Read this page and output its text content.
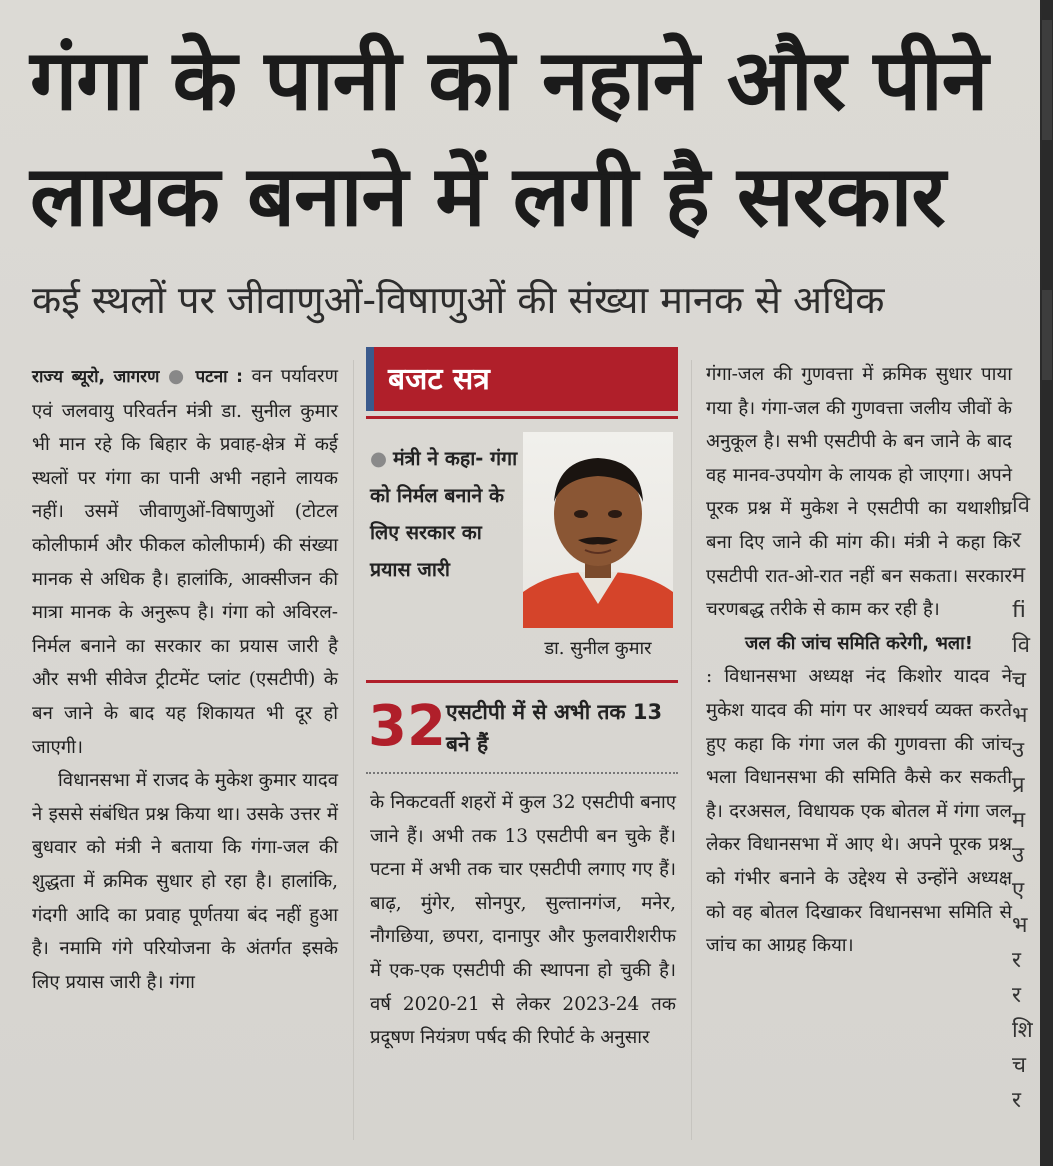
वि
र
म
fi
वि
च
भ
उ
प्र
म
उ
ए
भ
र
र
शि
च
र
गंगा के पानी को नहाने और पीने
लायक बनाने में लगी है सरकार
कई स्थलों पर जीवाणुओं-विषाणुओं की संख्या मानक से अधिक

राज्य ब्यूरो, जागरण ● पटना : वन पर्यावरण एवं जलवायु परिवर्तन मंत्री डा. सुनील कुमार भी मान रहे कि बिहार के प्रवाह-क्षेत्र में कई स्थलों पर गंगा का पानी अभी नहाने लायक नहीं। उसमें जीवाणुओं-विषाणुओं (टोटल कोलीफार्म और फीकल कोलीफार्म) की संख्या मानक से अधिक है। हालांकि, आक्सीजन की मात्रा मानक के अनुरूप है। गंगा को अविरल-निर्मल बनाने का सरकार का प्रयास जारी है और सभी सीवेज ट्रीटमेंट प्लांट (एसटीपी) के बन जाने के बाद यह शिकायत भी दूर हो जाएगी।

विधानसभा में राजद के मुकेश कुमार यादव ने इससे संबंधित प्रश्न किया था। उसके उत्तर में बुधवार को मंत्री ने बताया कि गंगा-जल की शुद्धता में क्रमिक सुधार हो रहा है। हालांकि, गंदगी आदि का प्रवाह पूर्णतया बंद नहीं हुआ है। नमामि गंगे परियोजना के अंतर्गत इसके लिए प्रयास जारी है। गंगा

बजट सत्र
● मंत्री ने कहा- गंगा को निर्मल बनाने के लिए सरकार का प्रयास जारी
डा. सुनील कुमार
32 एसटीपी में से अभी तक 13 बने हैं

के निकटवर्ती शहरों में कुल 32 एसटीपी बनाए जाने हैं। अभी तक 13 एसटीपी बन चुके हैं। पटना में अभी तक चार एसटीपी लगाए गए हैं। बाढ़, मुंगेर, सोनपुर, सुल्तानगंज, मनेर, नौगछिया, छपरा, दानापुर और फुलवारीशरीफ में एक-एक एसटीपी की स्थापना हो चुकी है। वर्ष 2020-21 से लेकर 2023-24 तक प्रदूषण नियंत्रण पर्षद की रिपोर्ट के अनुसार

गंगा-जल की गुणवत्ता में क्रमिक सुधार पाया गया है। गंगा-जल की गुणवत्ता जलीय जीवों के अनुकूल है। सभी एसटीपी के बन जाने के बाद वह मानव-उपयोग के लायक हो जाएगा। अपने पूरक प्रश्न में मुकेश ने एसटीपी का यथाशीघ्र बना दिए जाने की मांग की। मंत्री ने कहा कि एसटीपी रात-ओ-रात नहीं बन सकता। सरकार चरणबद्ध तरीके से काम कर रही है।

जल की जांच समिति करेगी, भला!

: विधानसभा अध्यक्ष नंद किशोर यादव ने मुकेश यादव की मांग पर आश्चर्य व्यक्त करते हुए कहा कि गंगा जल की गुणवत्ता की जांच भला विधानसभा की समिति कैसे कर सकती है। दरअसल, विधायक एक बोतल में गंगा जल लेकर विधानसभा में आए थे। अपने पूरक प्रश्न को गंभीर बनाने के उद्देश्य से उन्होंने अध्यक्ष को वह बोतल दिखाकर विधानसभा समिति से जांच का आग्रह किया।
